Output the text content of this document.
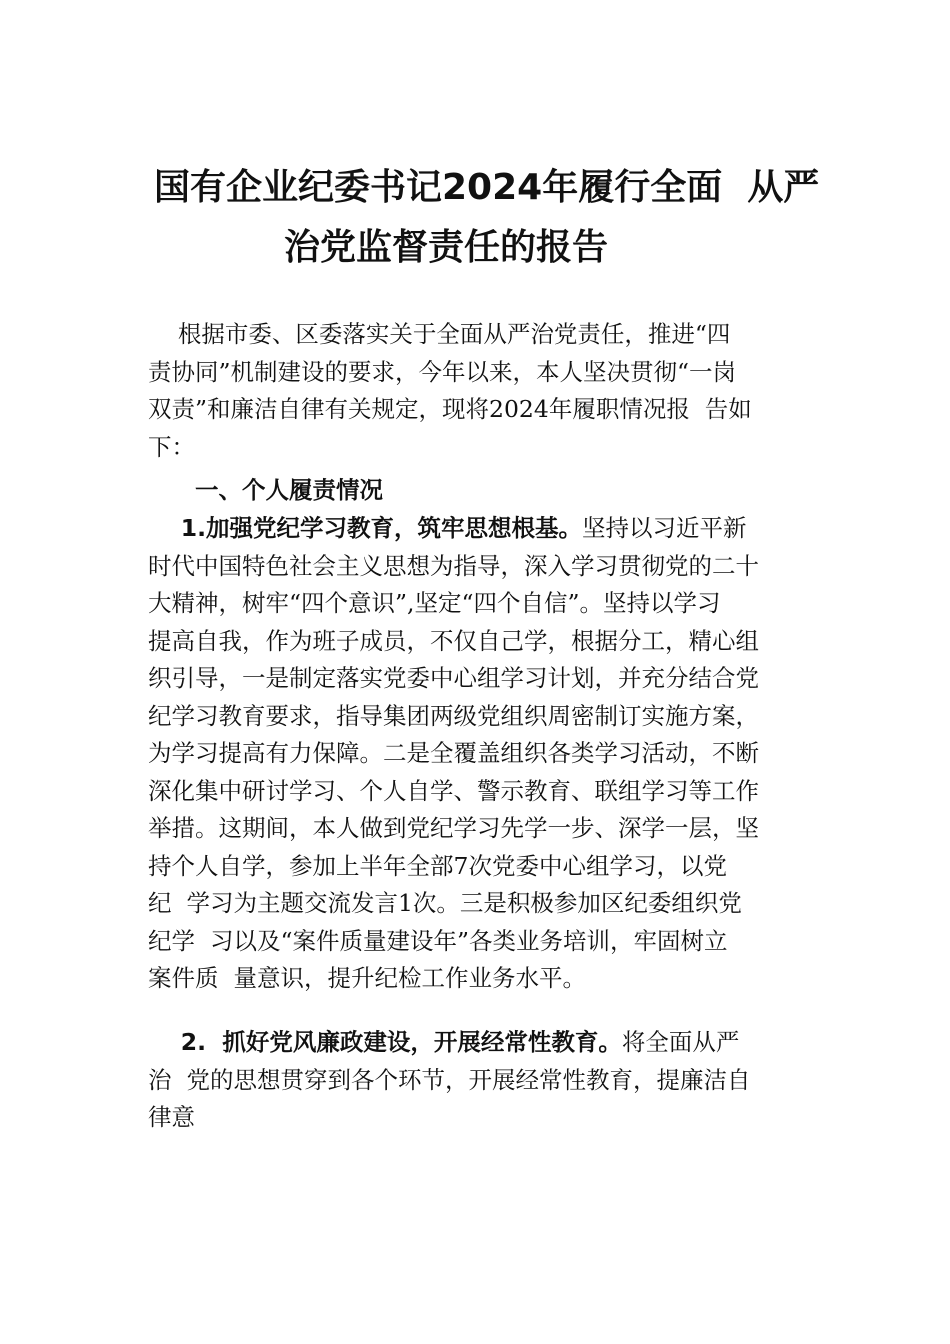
国有企业纪委书记2024年履行全面  从严
治党监督责任的报告
根据市委、区委落实关于全面从严治党责任，推进“四
责协同”机制建设的要求，今年以来，本人坚决贯彻“一岗
双责”和廉洁自律有关规定，现将2024年履职情况报  告如
下：
一、个人履责情况
1.加强党纪学习教育，筑牢思想根基。坚持以习近平新
时代中国特色社会主义思想为指导，深入学习贯彻党的二十
大精神，树牢“四个意识”,坚定“四个自信”。坚持以学习
提高自我，作为班子成员，不仅自己学，根据分工，精心组
织引导，一是制定落实党委中心组学习计划，并充分结合党
纪学习教育要求，指导集团两级党组织周密制订实施方案，
为学习提高有力保障。二是全覆盖组织各类学习活动，不断
深化集中研讨学习、个人自学、警示教育、联组学习等工作
举措。这期间，本人做到党纪学习先学一步、深学一层，坚
持个人自学，参加上半年全部7次党委中心组学习，以党
纪  学习为主题交流发言1次。三是积极参加区纪委组织党
纪学  习以及“案件质量建设年”各类业务培训，牢固树立
案件质  量意识，提升纪检工作业务水平。
2.  抓好党风廉政建设，开展经常性教育。将全面从严
治  党的思想贯穿到各个环节，开展经常性教育，提廉洁自
律意
